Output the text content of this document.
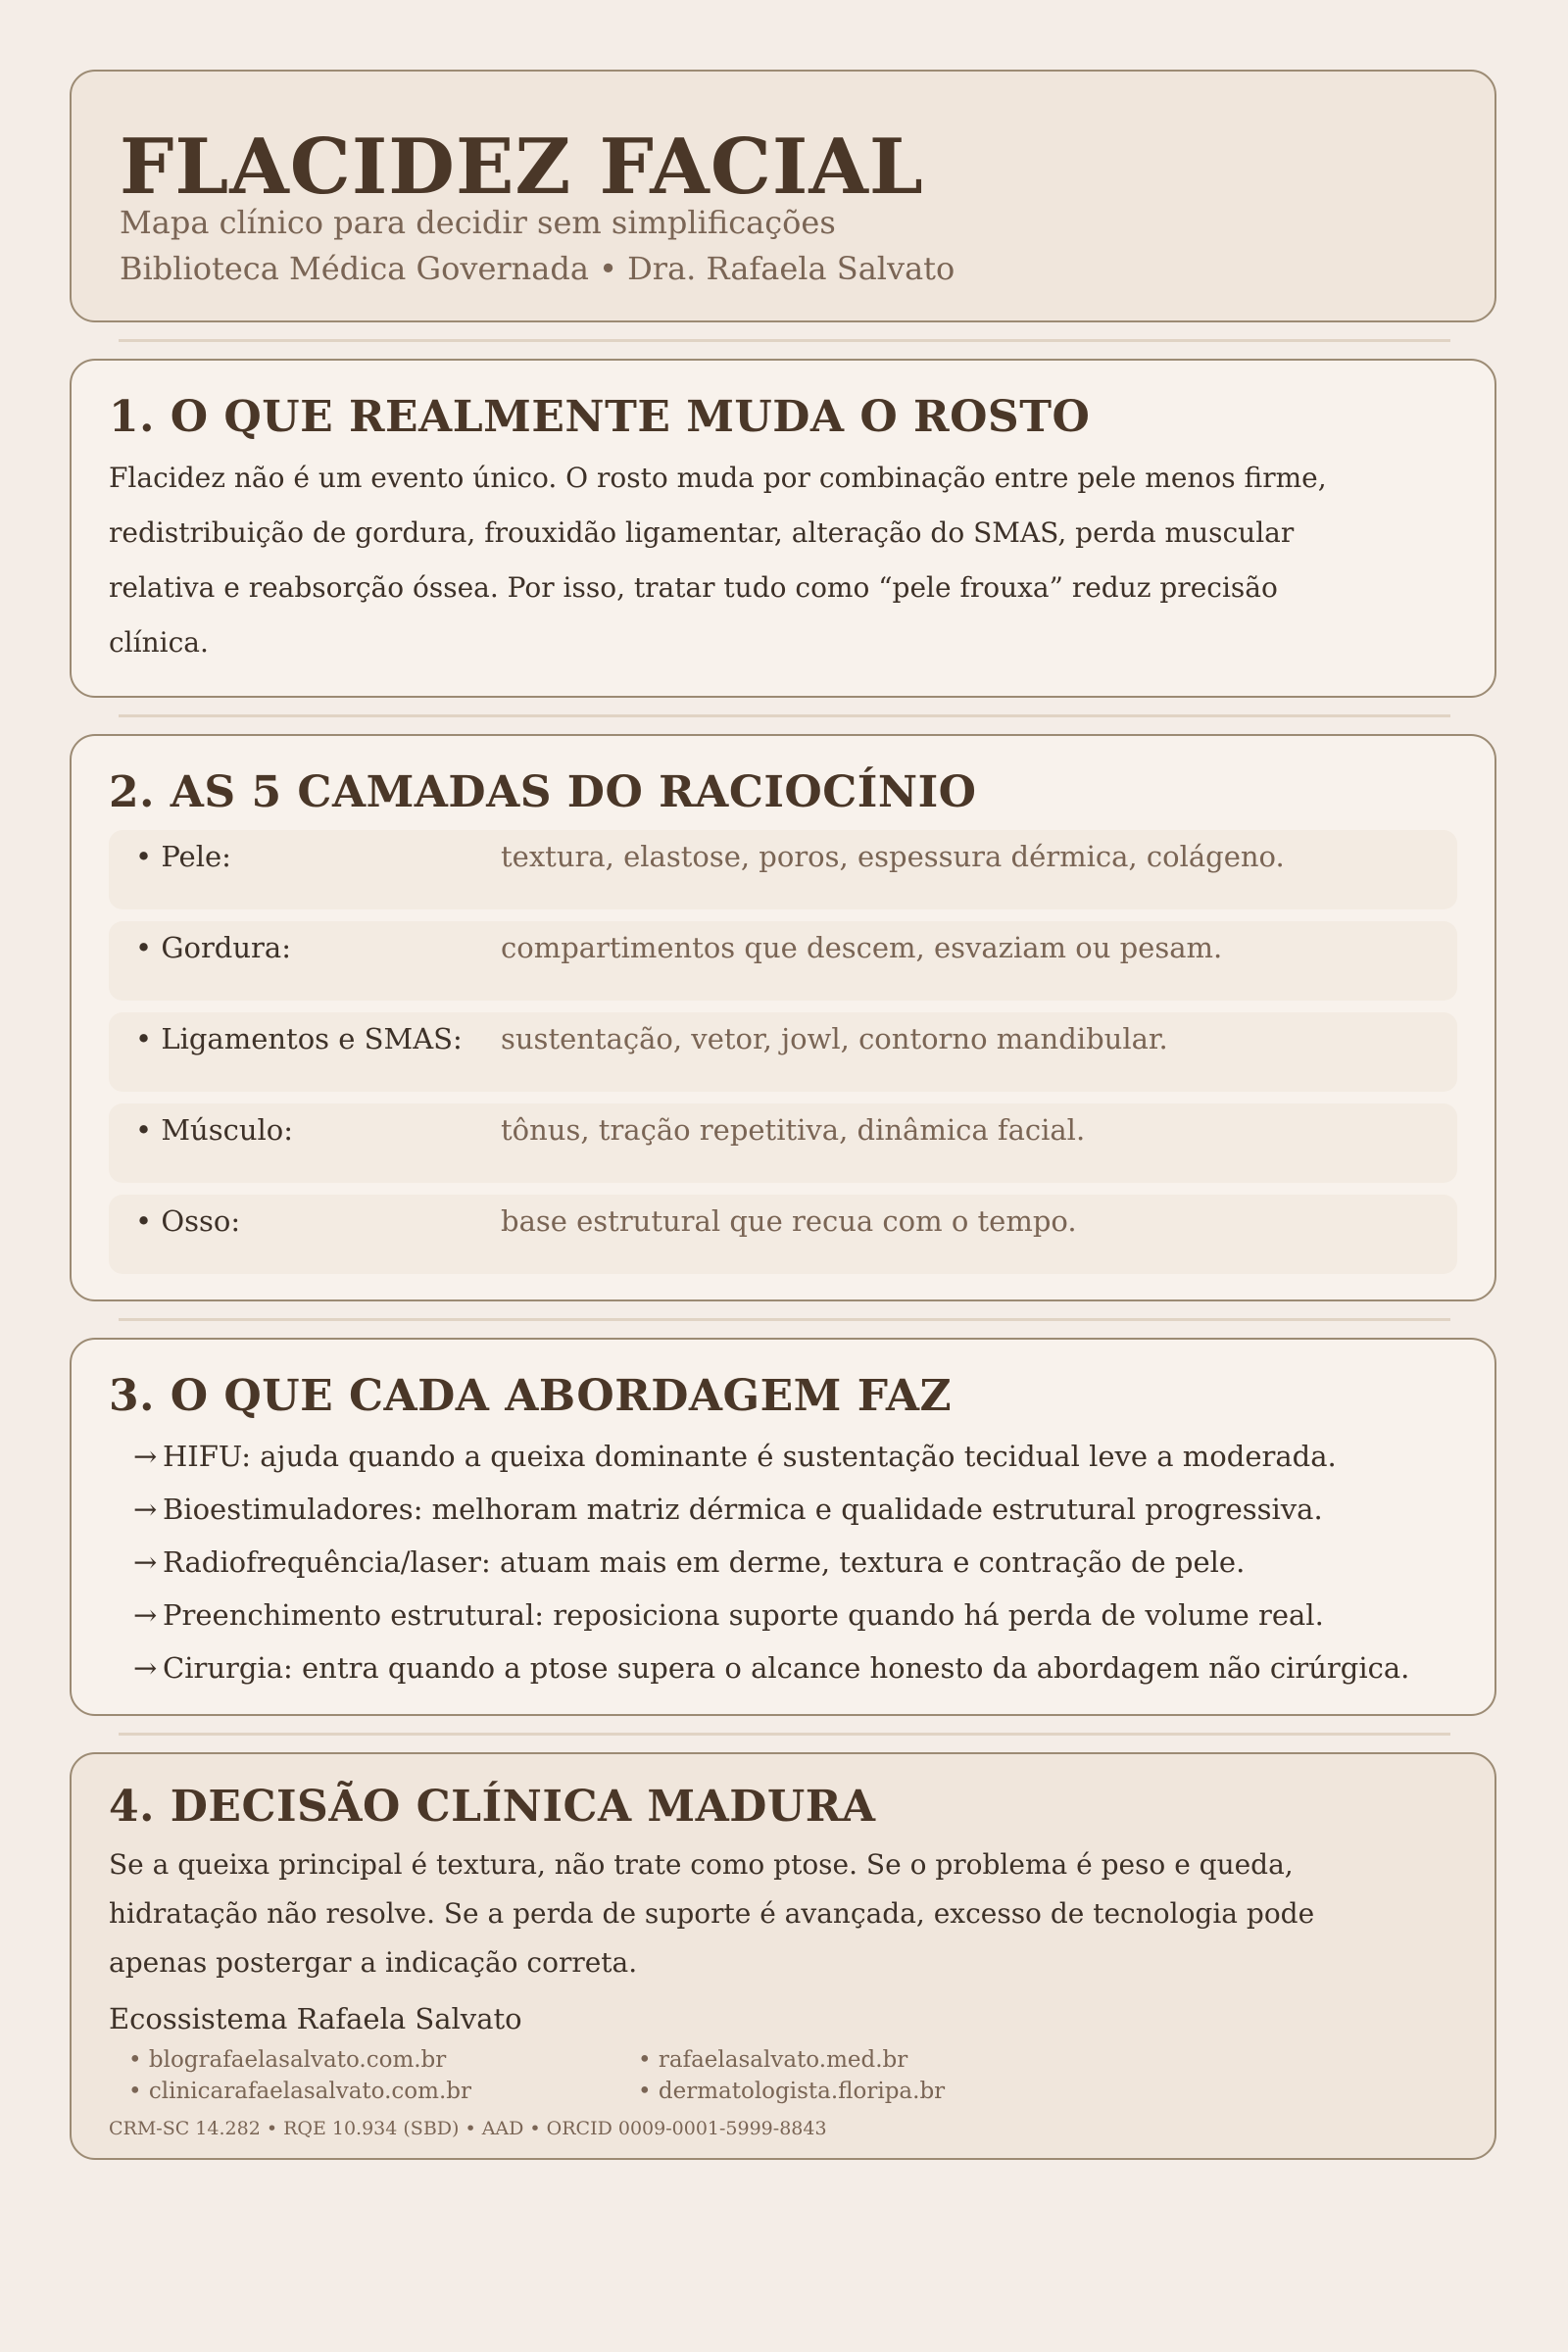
FLACIDEZ FACIAL
Mapa clínico para decidir sem simplificações
Biblioteca Médica Governada • Dra. Rafaela Salvato
1. O QUE REALMENTE MUDA O ROSTO

Flacidez não é um evento único. O rosto muda por combinação entre pele menos firme, redistribuição de gordura, frouxidão ligamentar, alteração do SMAS, perda muscular relativa e reabsorção óssea. Por isso, tratar tudo como “pele frouxa” reduz precisão clínica.

2. AS 5 CAMADAS DO RACIOCÍNIO
• Pele:	textura, elastose, poros, espessura dérmica, colágeno.
• Gordura:	compartimentos que descem, esvaziam ou pesam.
• Ligamentos e SMAS: sustentação, vetor, jowl, contorno mandibular.
• Músculo:	tônus, tração repetitiva, dinâmica facial.
• Osso:	base estrutural que recua com o tempo.
3. O QUE CADA ABORDAGEM FAZ
→ HIFU: ajuda quando a queixa dominante é sustentação tecidual leve a moderada.
→ Bioestimuladores: melhoram matriz dérmica e qualidade estrutural progressiva.
→ Radiofrequência/laser: atuam mais em derme, textura e contração de pele.
→ Preenchimento estrutural: reposiciona suporte quando há perda de volume real.
→ Cirurgia: entra quando a ptose supera o alcance honesto da abordagem não cirúrgica.
4. DECISÃO CLÍNICA MADURA

Se a queixa principal é textura, não trate como ptose. Se o problema é peso e queda, hidratação não resolve. Se a perda de suporte é avançada, excesso de tecnologia pode apenas postergar a indicação correta.

Ecossistema Rafaela Salvato
• blografaelasalvato.com.br	• rafaelasalvato.med.br
• clinicarafaelasalvato.com.br	• dermatologista.floripa.br
CRM-SC 14.282 • RQE 10.934 (SBD) • AAD • ORCID 0009-0001-5999-8843
